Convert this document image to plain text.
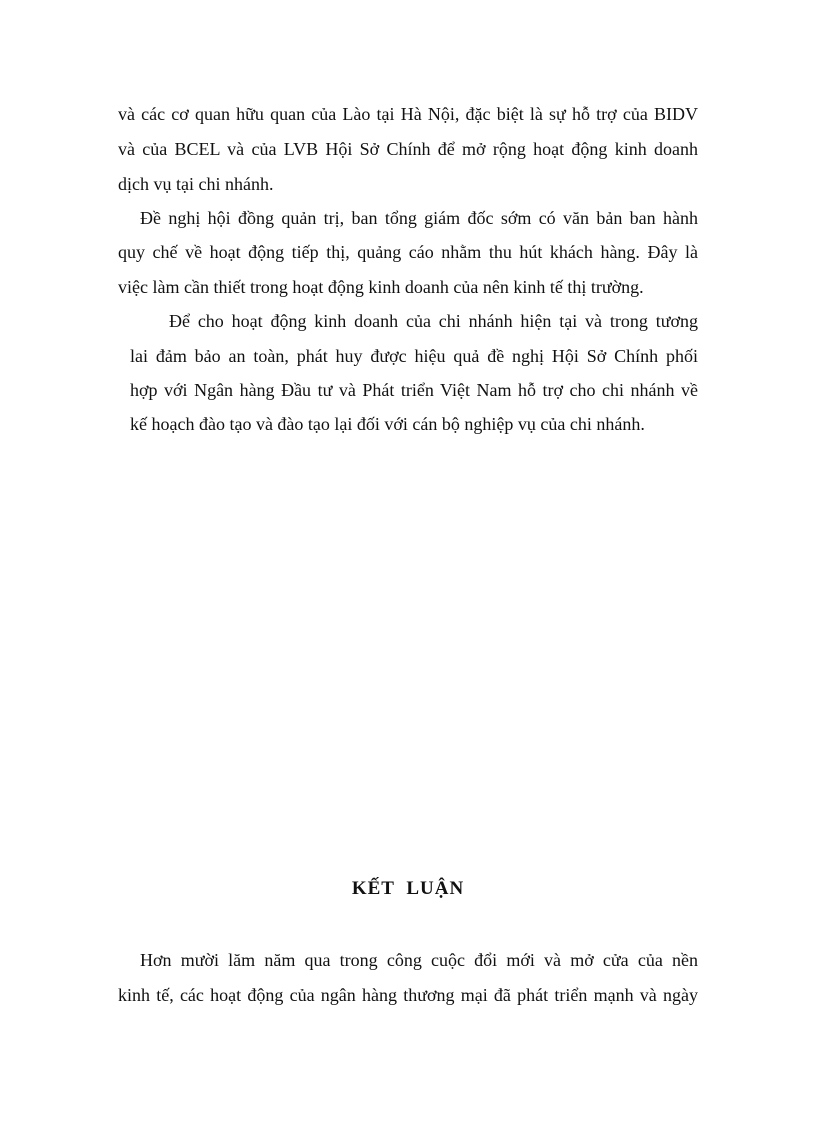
và các cơ quan hữu quan của Lào tại Hà Nội, đặc biệt là sự hỗ trợ của BIDV
và của BCEL và của LVB Hội Sở Chính để mở rộng hoạt động kinh doanh
dịch vụ tại chi nhánh.
Đề nghị hội đồng quản trị, ban tổng giám đốc sớm có văn bản ban hành
quy chế về hoạt động tiếp thị, quảng cáo nhằm thu hút khách hàng. Đây là
việc làm cần thiết trong hoạt động kinh doanh của nên kinh tế thị trường.
Để cho hoạt động kinh doanh của chi nhánh hiện tại và trong tương
lai đảm bảo an toàn, phát huy được hiệu quả đề nghị Hội Sở Chính phối
hợp với Ngân hàng Đầu tư và Phát triển Việt Nam hỗ trợ cho chi nhánh về
kế hoạch đào tạo và đào tạo lại đối với cán bộ nghiệp vụ của chi nhánh.
KẾT LUẬN
Hơn mười lăm năm qua trong công cuộc đổi mới và mở cửa của nền
kinh tế, các hoạt động của ngân hàng thương mại đã phát triển mạnh và ngày
